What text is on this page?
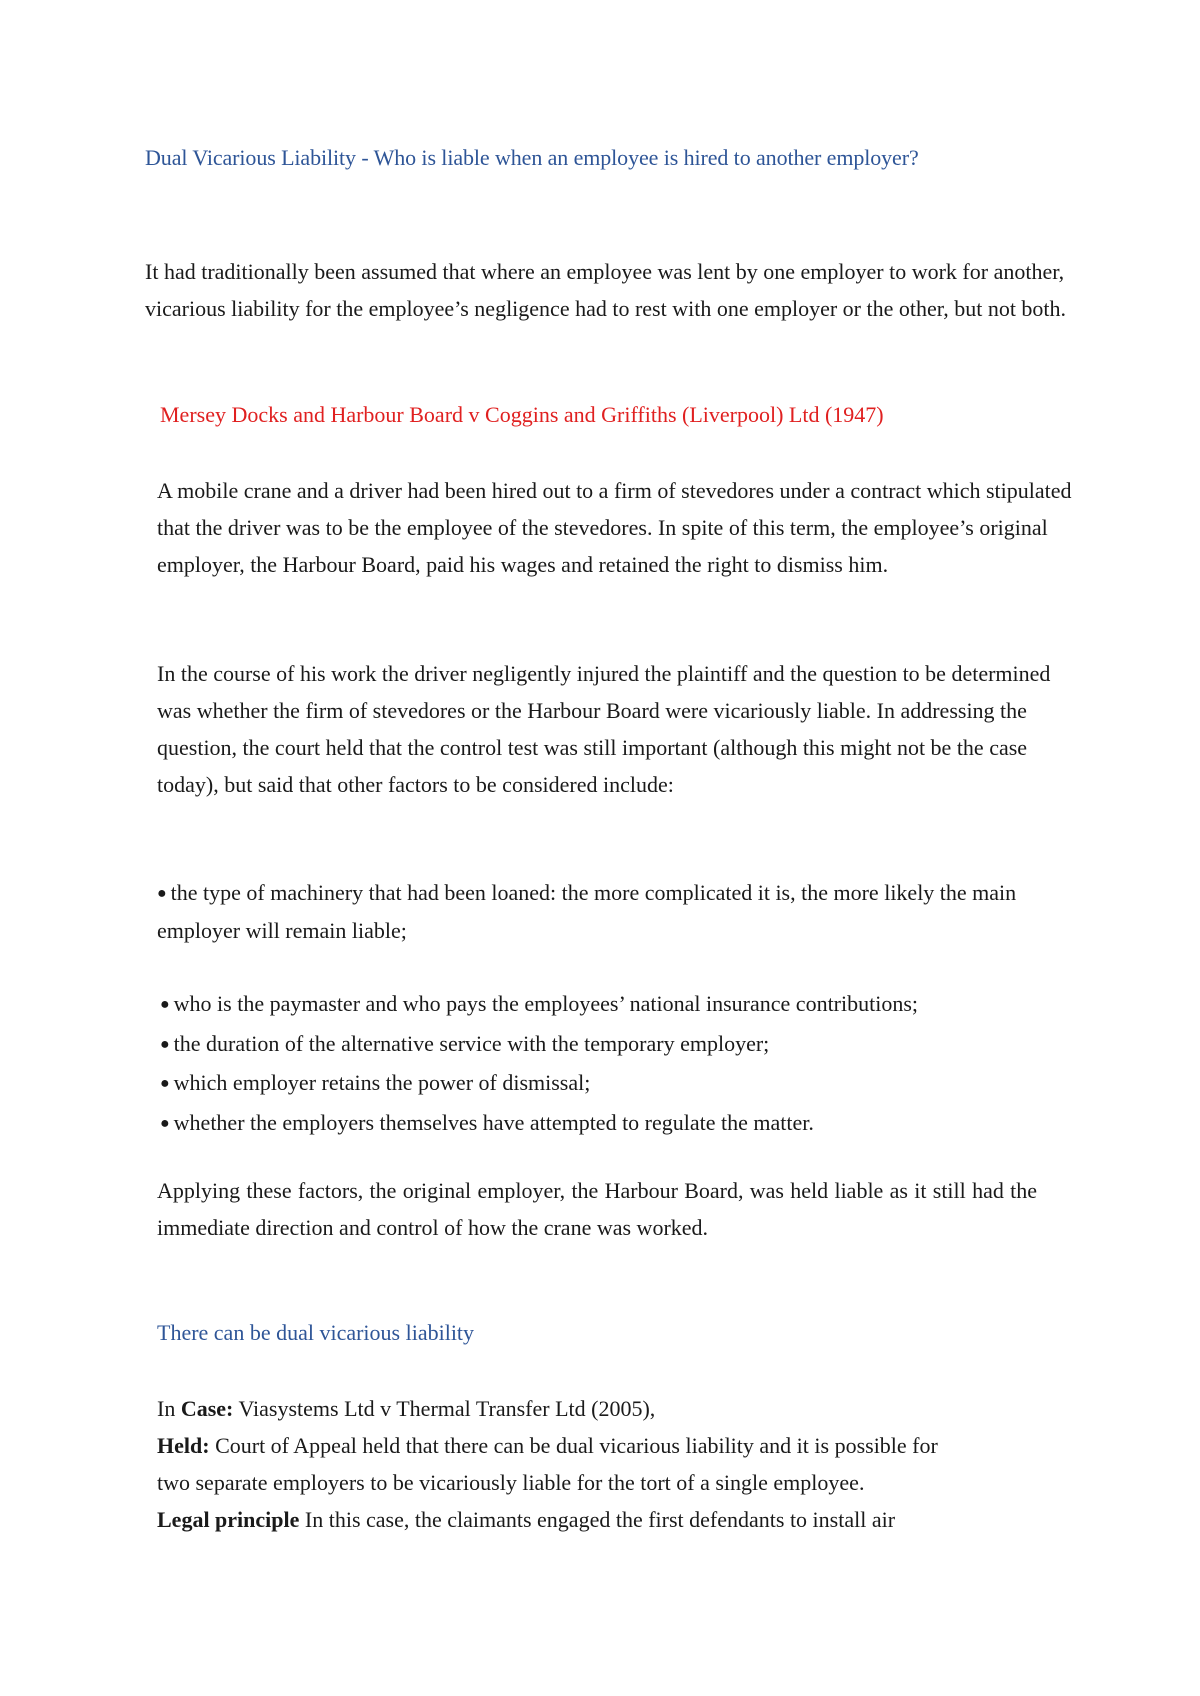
Dual Vicarious Liability - Who is liable when an employee is hired to another employer?

It had traditionally been assumed that where an employee was lent by one employer to work for another, vicarious liability for the employee’s negligence had to rest with one employer or the other, but not both.

Mersey Docks and Harbour Board v Coggins and Griffiths (Liverpool) Ltd (1947)

A mobile crane and a driver had been hired out to a firm of stevedores under a contract which stipulated that the driver was to be the employee of the stevedores. In spite of this term, the employee’s original employer, the Harbour Board, paid his wages and retained the right to dismiss him.

In the course of his work the driver negligently injured the plaintiff and the question to be determined was whether the firm of stevedores or the Harbour Board were vicariously liable. In addressing the question, the court held that the control test was still important (although this might not be the case today), but said that other factors to be considered include:

● the type of machinery that had been loaned: the more complicated it is, the more likely the main employer will remain liable;

● who is the paymaster and who pays the employees’ national insurance contributions;
● the duration of the alternative service with the temporary employer;
● which employer retains the power of dismissal;
● whether the employers themselves have attempted to regulate the matter.

Applying these factors, the original employer, the Harbour Board, was held liable as it still had the immediate direction and control of how the crane was worked.

There can be dual vicarious liability
In Case: Viasystems Ltd v Thermal Transfer Ltd (2005),
Held: Court of Appeal held that there can be dual vicarious liability and it is possible for
two separate employers to be vicariously liable for the tort of a single employee.
Legal principle In this case, the claimants engaged the first defendants to install air
